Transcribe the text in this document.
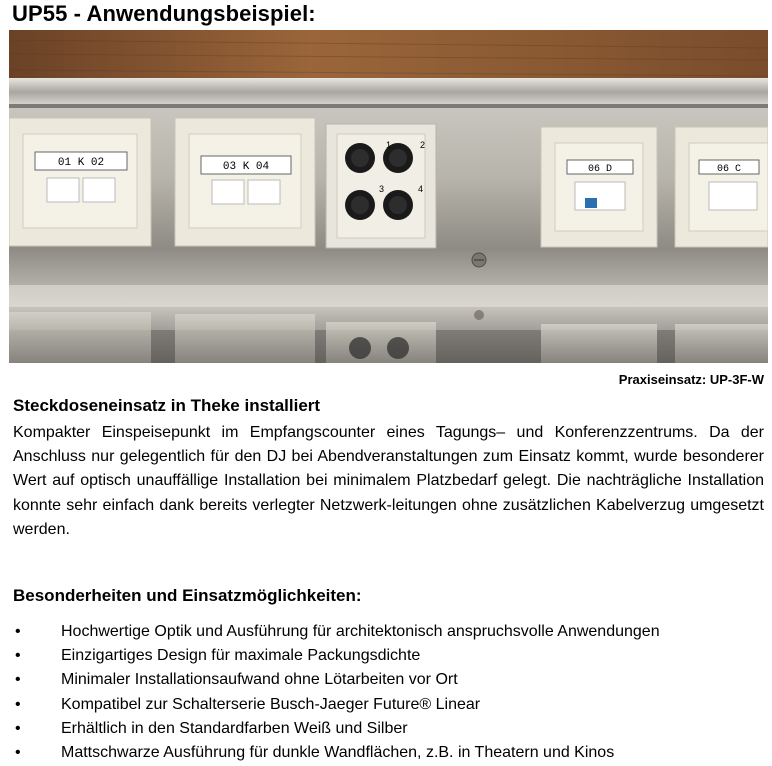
UP55 - Anwendungsbeispiel:
01 K 02	03 K 04
1	2
3	4
06 D	06 C
Praxiseinsatz: UP-3F-W
Steckdoseneinsatz in Theke installiert

Kompakter Einspeisepunkt im Empfangscounter eines Tagungs– und Konferenzzentrums. Da der Anschluss nur gelegentlich für den DJ bei Abendveranstaltungen zum Einsatz kommt, wurde besonderer Wert auf optisch unauffällige Installation bei minimalem Platzbedarf gelegt. Die nachträgliche Installation konnte sehr einfach dank bereits verlegter Netzwerk-leitungen ohne zusätzlichen Kabelverzug umgesetzt werden.

Besonderheiten und Einsatzmöglichkeiten:
•	Hochwertige Optik und Ausführung für architektonisch anspruchsvolle Anwendungen
•	Einzigartiges Design für maximale Packungsdichte
•	Minimaler Installationsaufwand ohne Lötarbeiten vor Ort
•	Kompatibel zur Schalterserie Busch-Jaeger Future® Linear
•	Erhältlich in den Standardfarben Weiß und Silber
•	Mattschwarze Ausführung für dunkle Wandflächen, z.B. in Theatern und Kinos
